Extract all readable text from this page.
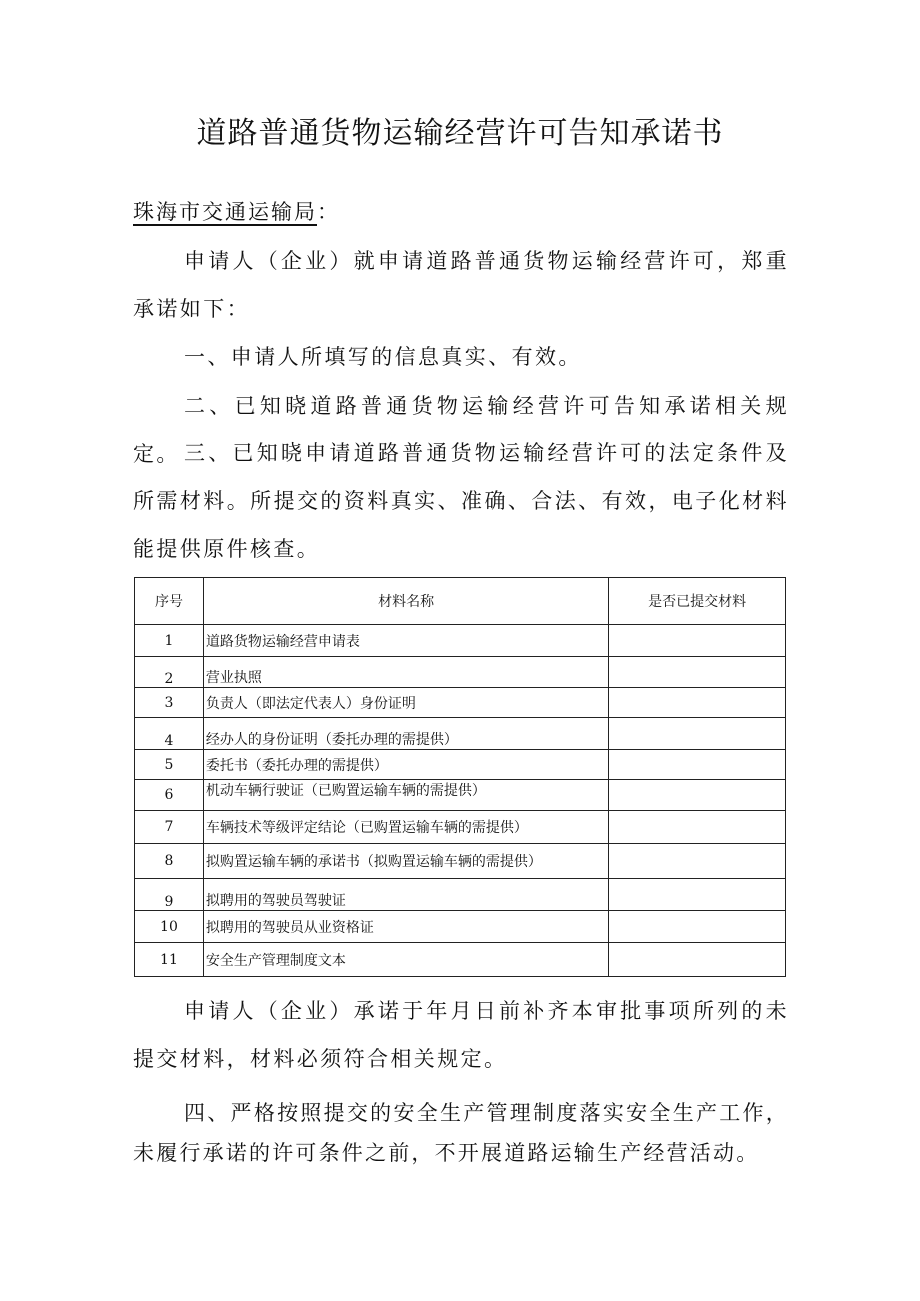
道路普通货物运输经营许可告知承诺书
珠海市交通运输局：
申请人（企业）就申请道路普通货物运输经营许可，郑重承诺如下：
一、申请人所填写的信息真实、有效。
二、已知晓道路普通货物运输经营许可告知承诺相关规定。 三、已知晓申请道路普通货物运输经营许可的法定条件及所需材料。所提交的资料真实、准确、合法、有效，电子化材料能提供原件核查。
序号	材料名称	是否已提交材料
1	道路货物运输经营申请表	
2	营业执照	
3	负责人（即法定代表人）身份证明	
4	经办人的身份证明（委托办理的需提供）	
5	委托书（委托办理的需提供）	
6	机动车辆行驶证（已购置运输车辆的需提供）	
7	车辆技术等级评定结论（已购置运输车辆的需提供）	
8	拟购置运输车辆的承诺书（拟购置运输车辆的需提供）	
9	拟聘用的驾驶员驾驶证	
10	拟聘用的驾驶员从业资格证	
11	安全生产管理制度文本	
申请人（企业）承诺于年月日前补齐本审批事项所列的未提交材料，材料必须符合相关规定。
四、严格按照提交的安全生产管理制度落实安全生产工作，未履行承诺的许可条件之前，不开展道路运输生产经营活动。
